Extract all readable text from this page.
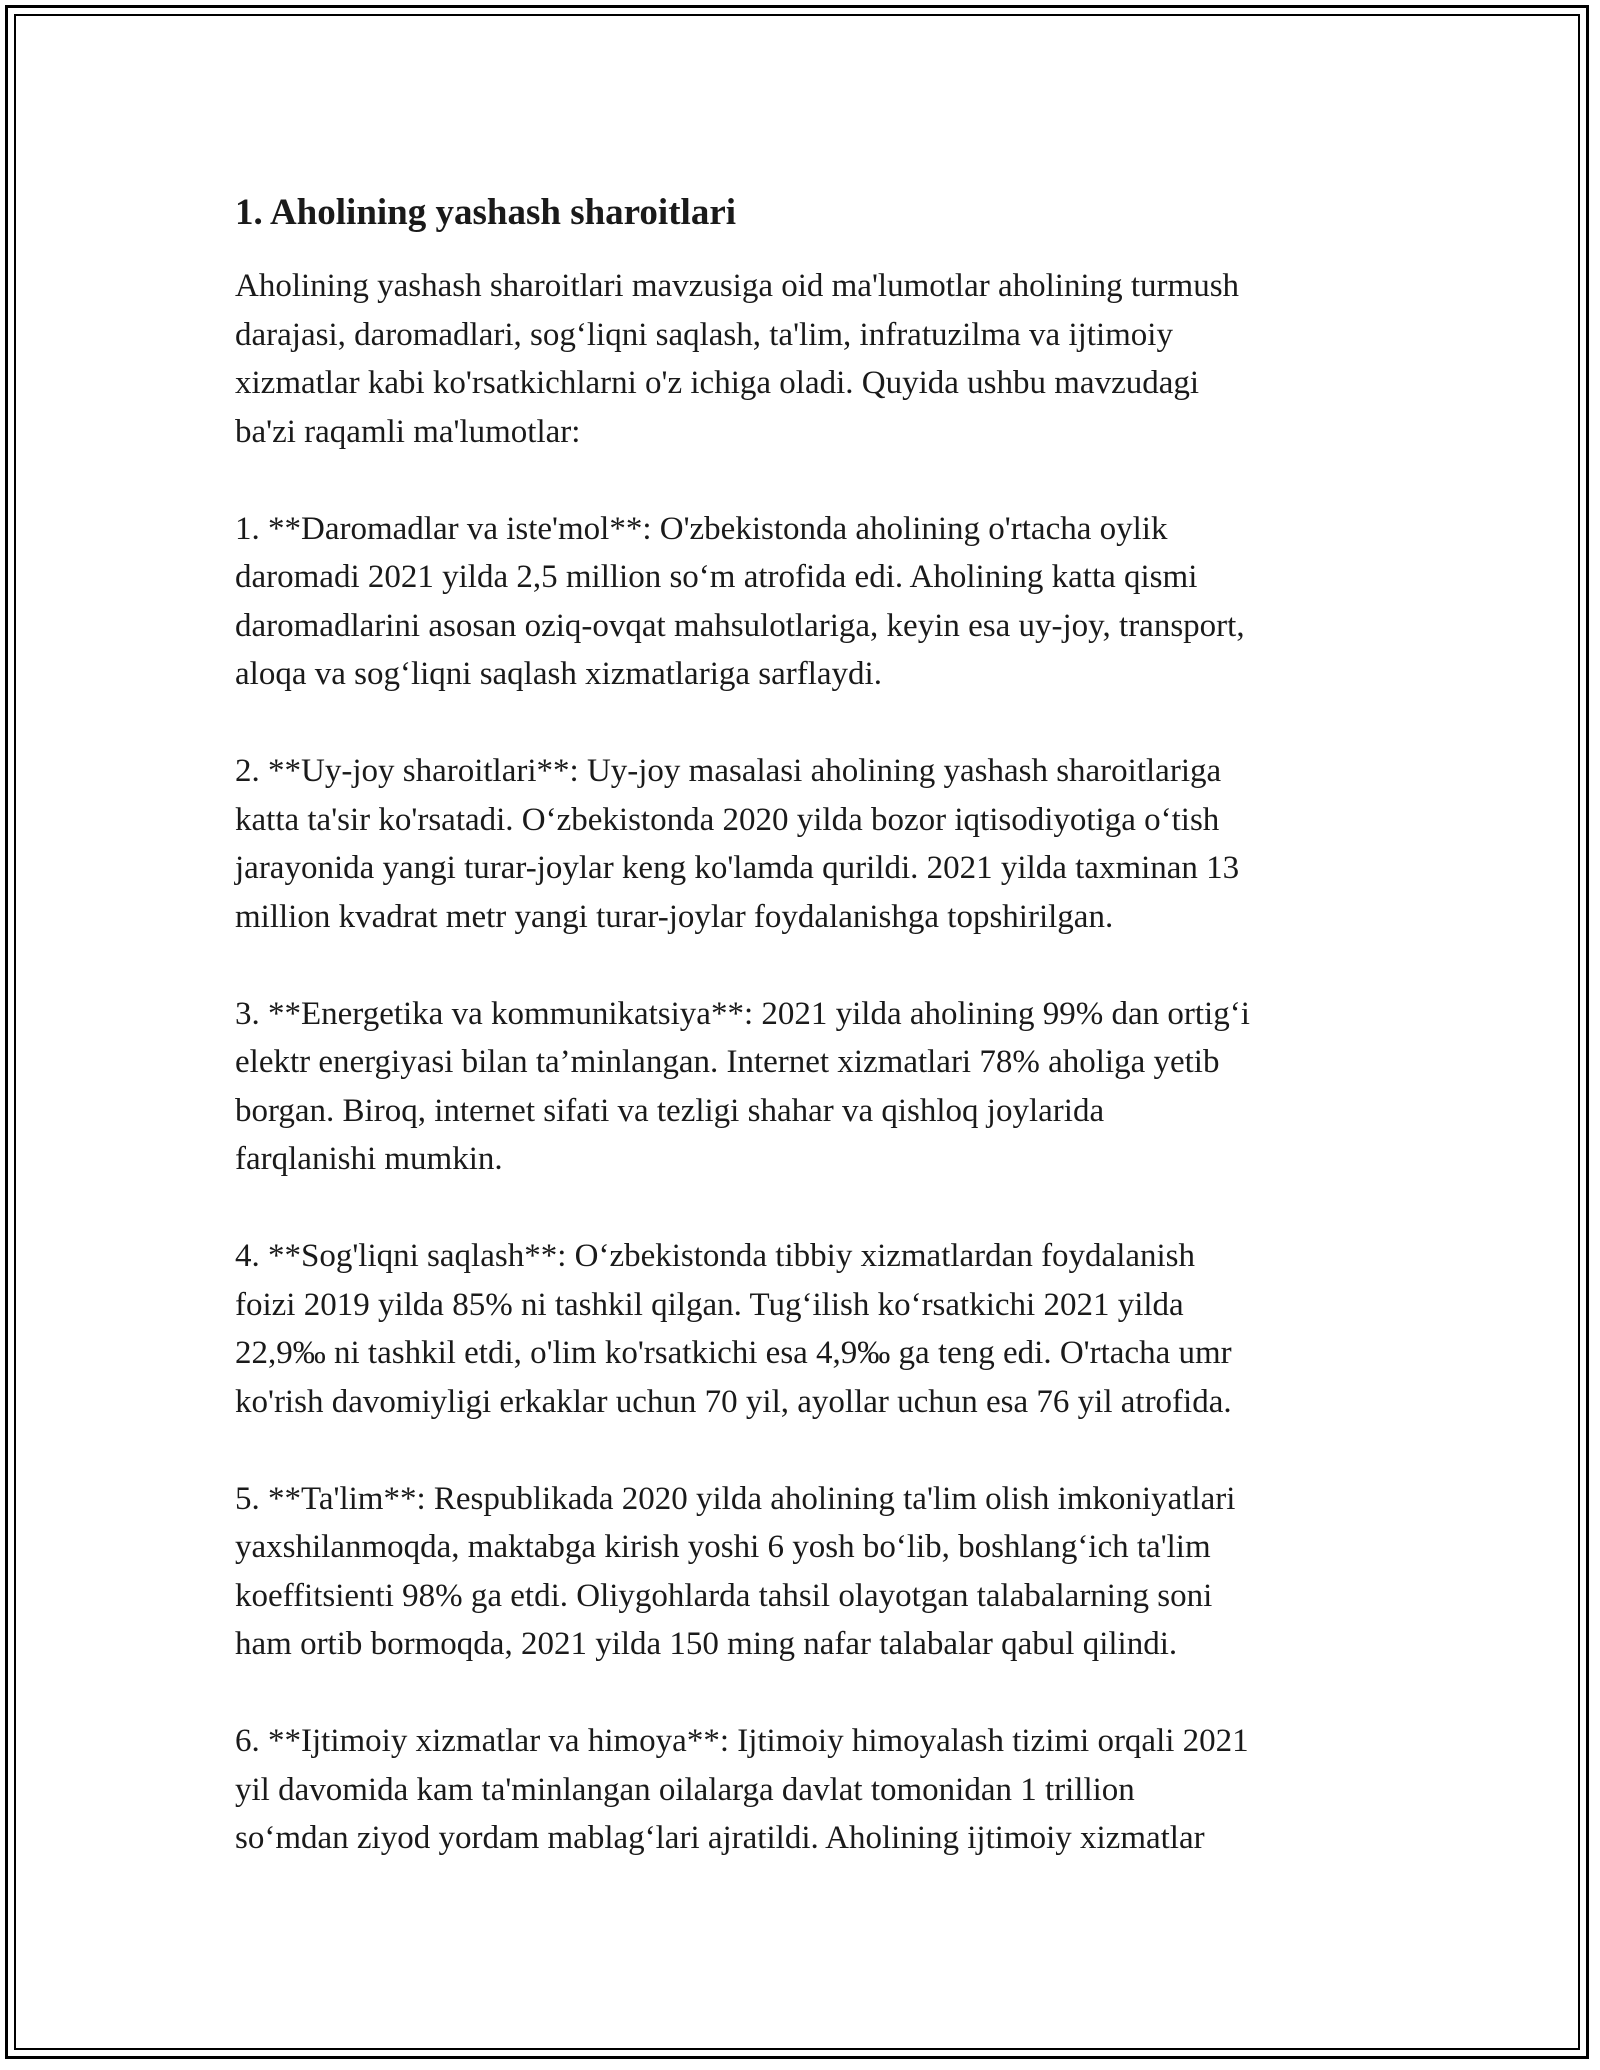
1. Aholining yashash sharoitlari

Aholining yashash sharoitlari mavzusiga oid ma'lumotlar aholining turmush
darajasi, daromadlari, sog‘liqni saqlash, ta'lim, infratuzilma va ijtimoiy
xizmatlar kabi ko'rsatkichlarni o'z ichiga oladi. Quyida ushbu mavzudagi
ba'zi raqamli ma'lumotlar:

1. **Daromadlar va iste'mol**: O'zbekistonda aholining o'rtacha oylik
daromadi 2021 yilda 2,5 million so‘m atrofida edi. Aholining katta qismi
daromadlarini asosan oziq-ovqat mahsulotlariga, keyin esa uy-joy, transport,
aloqa va sog‘liqni saqlash xizmatlariga sarflaydi.

2. **Uy-joy sharoitlari**: Uy-joy masalasi aholining yashash sharoitlariga
katta ta'sir ko'rsatadi. O‘zbekistonda 2020 yilda bozor iqtisodiyotiga o‘tish
jarayonida yangi turar-joylar keng ko'lamda qurildi. 2021 yilda taxminan 13
million kvadrat metr yangi turar-joylar foydalanishga topshirilgan.

3. **Energetika va kommunikatsiya**: 2021 yilda aholining 99% dan ortig‘i
elektr energiyasi bilan ta’minlangan. Internet xizmatlari 78% aholiga yetib
borgan. Biroq, internet sifati va tezligi shahar va qishloq joylarida
farqlanishi mumkin.

4. **Sog'liqni saqlash**: O‘zbekistonda tibbiy xizmatlardan foydalanish
foizi 2019 yilda 85% ni tashkil qilgan. Tug‘ilish ko‘rsatkichi 2021 yilda
22,9‰ ni tashkil etdi, o'lim ko'rsatkichi esa 4,9‰ ga teng edi. O'rtacha umr
ko'rish davomiyligi erkaklar uchun 70 yil, ayollar uchun esa 76 yil atrofida.

5. **Ta'lim**: Respublikada 2020 yilda aholining ta'lim olish imkoniyatlari
yaxshilanmoqda, maktabga kirish yoshi 6 yosh bo‘lib, boshlang‘ich ta'lim
koeffitsienti 98% ga etdi. Oliygohlarda tahsil olayotgan talabalarning soni
ham ortib bormoqda, 2021 yilda 150 ming nafar talabalar qabul qilindi.

6. **Ijtimoiy xizmatlar va himoya**: Ijtimoiy himoyalash tizimi orqali 2021
yil davomida kam ta'minlangan oilalarga davlat tomonidan 1 trillion
so‘mdan ziyod yordam mablag‘lari ajratildi. Aholining ijtimoiy xizmatlar
